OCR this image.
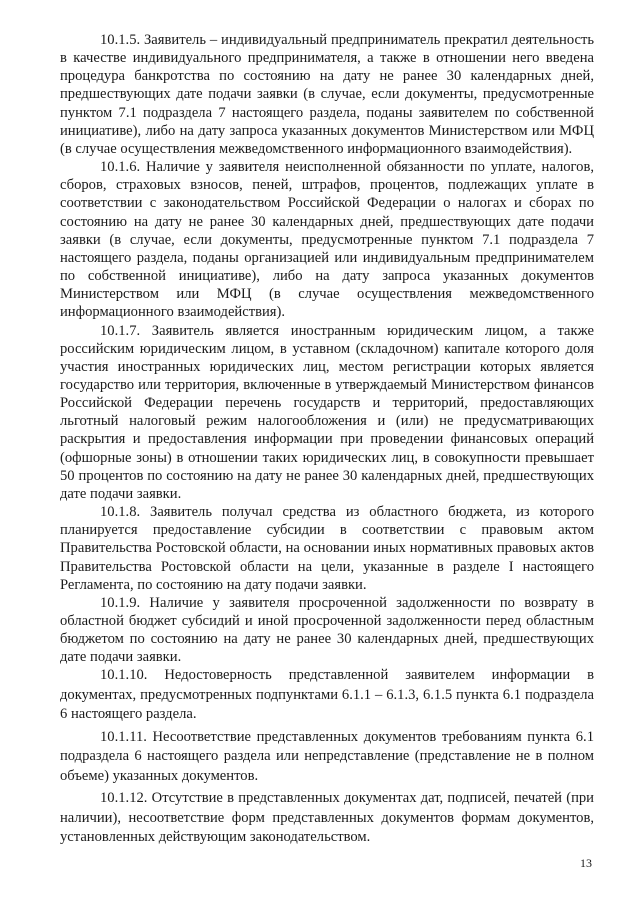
10.1.5. Заявитель – индивидуальный предприниматель прекратил деятельность в качестве индивидуального предпринимателя, а также в отношении него введена процедура банкротства по состоянию на дату не ранее 30 календарных дней, предшествующих дате подачи заявки (в случае, если документы, предусмотренные пунктом 7.1 подраздела 7 настоящего раздела, поданы заявителем по собственной инициативе), либо на дату запроса указанных документов Министерством или МФЦ (в случае осуществления межведомственного информационного взаимодействия).

10.1.6. Наличие у заявителя неисполненной обязанности по уплате, налогов, сборов, страховых взносов, пеней, штрафов, процентов, подлежащих уплате в соответствии с законодательством Российской Федерации о налогах и сборах по состоянию на дату не ранее 30 календарных дней, предшествующих дате подачи заявки (в случае, если документы, предусмотренные пунктом 7.1 подраздела 7 настоящего раздела, поданы организацией или индивидуальным предпринимателем по собственной инициативе), либо на дату запроса указанных документов Министерством или МФЦ (в случае осуществления межведомственного информационного взаимодействия).

10.1.7. Заявитель является иностранным юридическим лицом, а также российским юридическим лицом, в уставном (складочном) капитале которого доля участия иностранных юридических лиц, местом регистрации которых является государство или территория, включенные в утверждаемый Министерством финансов Российской Федерации перечень государств и территорий, предоставляющих льготный налоговый режим налогообложения и (или) не предусматривающих раскрытия и предоставления информации при проведении финансовых операций (офшорные зоны) в отношении таких юридических лиц, в совокупности превышает 50 процентов по состоянию на дату не ранее 30 календарных дней, предшествующих дате подачи заявки.

10.1.8. Заявитель получал средства из областного бюджета, из которого планируется предоставление субсидии в соответствии с правовым актом Правительства Ростовской области, на основании иных нормативных правовых актов Правительства Ростовской области на цели, указанные в разделе I настоящего Регламента, по состоянию на дату подачи заявки.

10.1.9. Наличие у заявителя просроченной задолженности по возврату в областной бюджет субсидий и иной просроченной задолженности перед областным бюджетом по состоянию на дату не ранее 30 календарных дней, предшествующих дате подачи заявки.

10.1.10. Недостоверность представленной заявителем информации в документах, предусмотренных подпунктами 6.1.1 – 6.1.3, 6.1.5 пункта 6.1 подраздела 6 настоящего раздела.

10.1.11. Несоответствие представленных документов требованиям пункта 6.1 подраздела 6 настоящего раздела или непредставление (представление не в полном объеме) указанных документов.

10.1.12. Отсутствие в представленных документах дат, подписей, печатей (при наличии), несоответствие форм представленных документов формам документов, установленных действующим законодательством.

13
